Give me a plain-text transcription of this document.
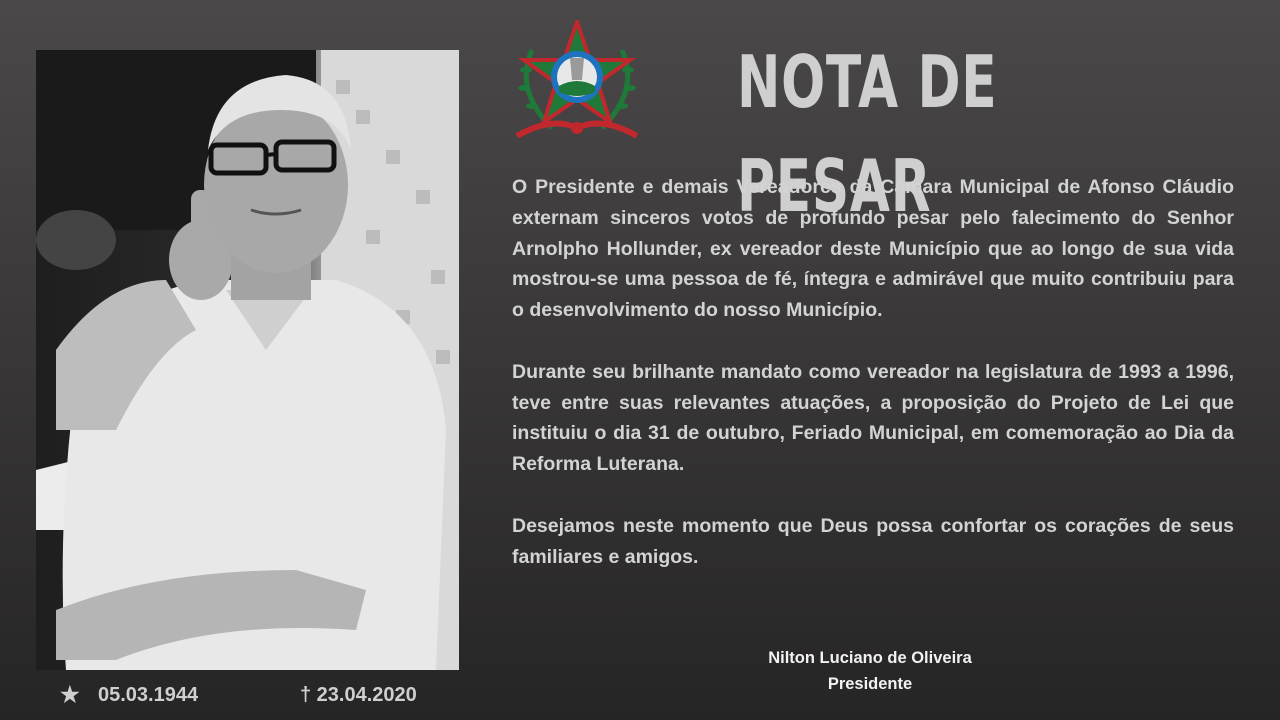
NOTA DE PESAR

O Presidente e demais Vereadores da Câmara Municipal de Afonso Cláudio externam sinceros votos de profundo pesar pelo falecimento do Senhor Arnolpho Hollunder, ex vereador deste Município que ao longo de sua vida mostrou-se uma pessoa de fé, íntegra e admirável que muito contribuiu para o desenvolvimento do nosso Município.

Durante seu brilhante mandato como vereador na legislatura de 1993 a 1996, teve entre suas relevantes atuações, a proposição do Projeto de Lei que instituiu o dia 31 de outubro, Feriado Municipal, em comemoração ao Dia da Reforma Luterana.

Desejamos neste momento que Deus possa confortar os corações de seus familiares e amigos.

Nilton Luciano de Oliveira
Presidente
★ 05.03.1944	† 23.04.2020
